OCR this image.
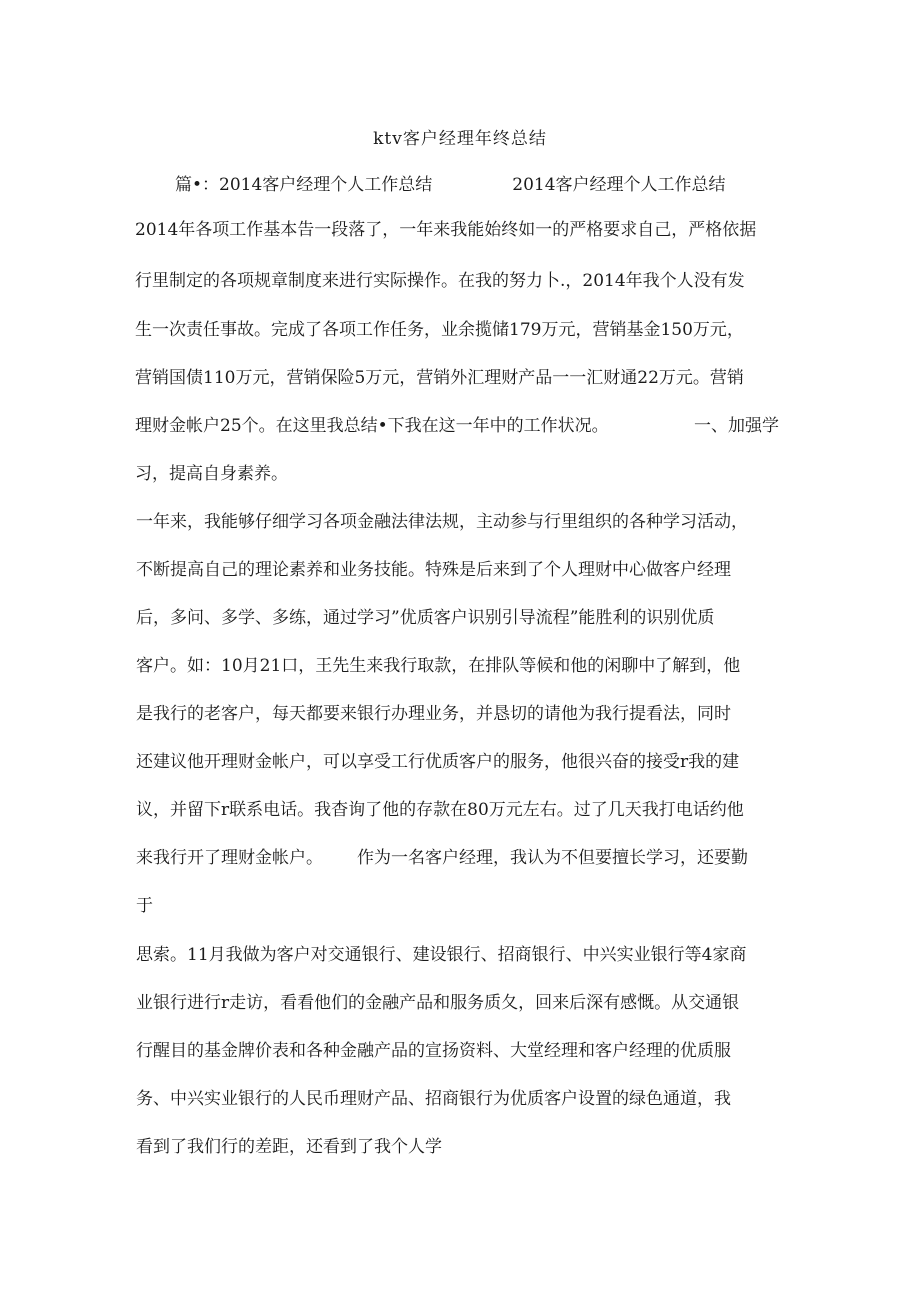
ktv客户经理年终总结
篇•：2014客户经理个人工作总结	2014客户经理个人工作总结
2014年各项工作基本告一段落了，一年来我能始终如一的严格要求自己，严格依据
行里制定的各项规章制度来进行实际操作。在我的努力卜.，2014年我个人没有发
生一次责任事故。完成了各项工作任务，业余揽储179万元，营销基金150万元，
营销国债110万元，营销保险5万元，营销外汇理财产品一一汇财通22万元。营销
理财金帐户25个。在这里我总结•下我在这一年中的工作状况。	一、加强学
习，提高自身素养。
一年来，我能够仔细学习各项金融法律法规，主动参与行里组织的各种学习活动，
不断提高自己的理论素养和业务技能。特殊是后来到了个人理财中心做客户经理
后，多问、多学、多练，通过学习”优质客户识别引导流程”能胜利的识别优质
客户。如：10月21口，王先生来我行取款，在排队等候和他的闲聊中了解到，他
是我行的老客户，每天都要来银行办理业务，并恳切的请他为我行提看法，同时
还建议他开理财金帐户，可以享受工行优质客户的服务，他很兴奋的接受r我的建
议，并留下r联系电话。我杳询了他的存款在80万元左右。过了几天我打电话约他
来我行开了理财金帐户。 作为一名客户经理，我认为不但要擅长学习，还要勤
于
思索。11月我做为客户对交通银行、建设银行、招商银行、中兴实业银行等4家商
业银行进行r走访，看看他们的金融产品和服务质夂，回来后深有感慨。从交通银
行醒目的基金牌价表和各种金融产品的宣扬资料、大堂经理和客户经理的优质服
务、中兴实业银行的人民币理财产品、招商银行为优质客户设置的绿色通道，我
看到了我们行的差距，还看到了我个人学
